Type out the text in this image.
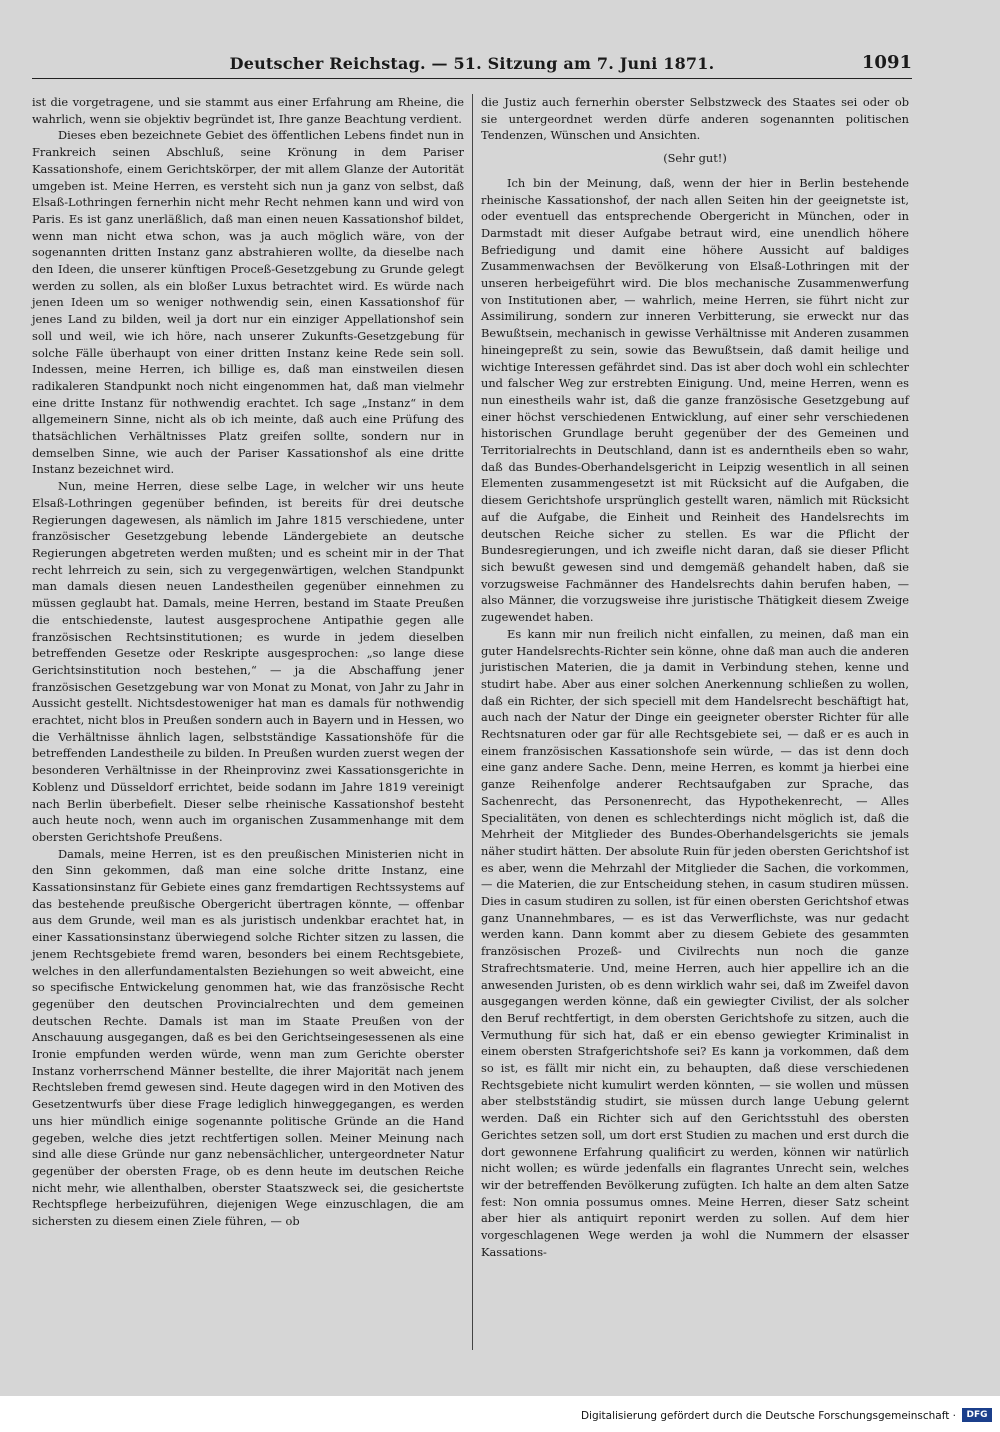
Deutscher Reichstag. — 51. Sitzung am 7. Juni 1871.	1091

ist die vorgetragene, und sie stammt aus einer Erfahrung am Rheine, die wahrlich, wenn sie objektiv begründet ist, Ihre ganze Beachtung verdient.

Dieses eben bezeichnete Gebiet des öffentlichen Lebens findet nun in Frankreich seinen Abschluß, seine Krönung in dem Pariser Kassationshofe, einem Gerichtskörper, der mit allem Glanze der Autorität umgeben ist. Meine Herren, es versteht sich nun ja ganz von selbst, daß Elsaß-Lothringen fernerhin nicht mehr Recht nehmen kann und wird von Paris. Es ist ganz unerläßlich, daß man einen neuen Kassationshof bildet, wenn man nicht etwa schon, was ja auch möglich wäre, von der sogenannten dritten Instanz ganz abstrahieren wollte, da dieselbe nach den Ideen, die unserer künftigen Proceß-Gesetzgebung zu Grunde gelegt werden zu sollen, als ein bloßer Luxus betrachtet wird. Es würde nach jenen Ideen um so weniger nothwendig sein, einen Kassationshof für jenes Land zu bilden, weil ja dort nur ein einziger Appellationshof sein soll und weil, wie ich höre, nach unserer Zukunfts-Gesetzgebung für solche Fälle überhaupt von einer dritten Instanz keine Rede sein soll. Indessen, meine Herren, ich billige es, daß man einstweilen diesen radikaleren Standpunkt noch nicht eingenommen hat, daß man vielmehr eine dritte Instanz für nothwendig erachtet. Ich sage „Instanz“ in dem allgemeinern Sinne, nicht als ob ich meinte, daß auch eine Prüfung des thatsächlichen Verhältnisses Platz greifen sollte, sondern nur in demselben Sinne, wie auch der Pariser Kassationshof als eine dritte Instanz bezeichnet wird.

Nun, meine Herren, diese selbe Lage, in welcher wir uns heute Elsaß-Lothringen gegenüber befinden, ist bereits für drei deutsche Regierungen dagewesen, als nämlich im Jahre 1815 verschiedene, unter französischer Gesetzgebung lebende Ländergebiete an deutsche Regierungen abgetreten werden mußten; und es scheint mir in der That recht lehrreich zu sein, sich zu vergegenwärtigen, welchen Standpunkt man damals diesen neuen Landestheilen gegenüber einnehmen zu müssen geglaubt hat. Damals, meine Herren, bestand im Staate Preußen die entschiedenste, lautest ausgesprochene Antipathie gegen alle französischen Rechtsinstitutionen; es wurde in jedem dieselben betreffenden Gesetze oder Reskripte ausgesprochen: „so lange diese Gerichtsinstitution noch bestehen,“ — ja die Abschaffung jener französischen Gesetzgebung war von Monat zu Monat, von Jahr zu Jahr in Aussicht gestellt. Nichtsdestoweniger hat man es damals für nothwendig erachtet, nicht blos in Preußen sondern auch in Bayern und in Hessen, wo die Verhältnisse ähnlich lagen, selbstständige Kassationshöfe für die betreffenden Landestheile zu bilden. In Preußen wurden zuerst wegen der besonderen Verhältnisse in der Rheinprovinz zwei Kassationsgerichte in Koblenz und Düsseldorf errichtet, beide sodann im Jahre 1819 vereinigt nach Berlin überbefielt. Dieser selbe rheinische Kassationshof besteht auch heute noch, wenn auch im organischen Zusammenhange mit dem obersten Gerichtshofe Preußens.

Damals, meine Herren, ist es den preußischen Ministerien nicht in den Sinn gekommen, daß man eine solche dritte Instanz, eine Kassationsinstanz für Gebiete eines ganz fremdartigen Rechtssystems auf das bestehende preußische Obergericht übertragen könnte, — offenbar aus dem Grunde, weil man es als juristisch undenkbar erachtet hat, in einer Kassationsinstanz überwiegend solche Richter sitzen zu lassen, die jenem Rechtsgebiete fremd waren, besonders bei einem Rechtsgebiete, welches in den allerfundamentalsten Beziehungen so weit abweicht, eine so specifische Entwickelung genommen hat, wie das französische Recht gegenüber den deutschen Provincialrechten und dem gemeinen deutschen Rechte. Damals ist man im Staate Preußen von der Anschauung ausgegangen, daß es bei den Gerichtseingesessenen als eine Ironie empfunden werden würde, wenn man zum Gerichte oberster Instanz vorherrschend Männer bestellte, die ihrer Majorität nach jenem Rechtsleben fremd gewesen sind. Heute dagegen wird in den Motiven des Gesetzentwurfs über diese Frage lediglich hinweggegangen, es werden uns hier mündlich einige sogenannte politische Gründe an die Hand gegeben, welche dies jetzt rechtfertigen sollen. Meiner Meinung nach sind alle diese Gründe nur ganz nebensächlicher, untergeordneter Natur gegenüber der obersten Frage, ob es denn heute im deutschen Reiche nicht mehr, wie allenthalben, oberster Staatszweck sei, die gesichertste Rechtspflege herbeizuführen, diejenigen Wege einzuschlagen, die am sichersten zu diesem einen Ziele führen, — ob

die Justiz auch fernerhin oberster Selbstzweck des Staates sei oder ob sie untergeordnet werden dürfe anderen sogenannten politischen Tendenzen, Wünschen und Ansichten.

(Sehr gut!)

Ich bin der Meinung, daß, wenn der hier in Berlin bestehende rheinische Kassationshof, der nach allen Seiten hin der geeignetste ist, oder eventuell das entsprechende Obergericht in München, oder in Darmstadt mit dieser Aufgabe betraut wird, eine unendlich höhere Befriedigung und damit eine höhere Aussicht auf baldiges Zusammenwachsen der Bevölkerung von Elsaß-Lothringen mit der unseren herbeigeführt wird. Die blos mechanische Zusammenwerfung von Institutionen aber, — wahrlich, meine Herren, sie führt nicht zur Assimilirung, sondern zur inneren Verbitterung, sie erweckt nur das Bewußtsein, mechanisch in gewisse Verhältnisse mit Anderen zusammen hineingepreßt zu sein, sowie das Bewußtsein, daß damit heilige und wichtige Interessen gefährdet sind. Das ist aber doch wohl ein schlechter und falscher Weg zur erstrebten Einigung. Und, meine Herren, wenn es nun einestheils wahr ist, daß die ganze französische Gesetzgebung auf einer höchst verschiedenen Entwicklung, auf einer sehr verschiedenen historischen Grundlage beruht gegenüber der des Gemeinen und Territorialrechts in Deutschland, dann ist es anderntheils eben so wahr, daß das Bundes-Oberhandelsgericht in Leipzig wesentlich in all seinen Elementen zusammengesetzt ist mit Rücksicht auf die Aufgaben, die diesem Gerichtshofe ursprünglich gestellt waren, nämlich mit Rücksicht auf die Aufgabe, die Einheit und Reinheit des Handelsrechts im deutschen Reiche sicher zu stellen. Es war die Pflicht der Bundesregierungen, und ich zweifle nicht daran, daß sie dieser Pflicht sich bewußt gewesen sind und demgemäß gehandelt haben, daß sie vorzugsweise Fachmänner des Handelsrechts dahin berufen haben, — also Männer, die vorzugsweise ihre juristische Thätigkeit diesem Zweige zugewendet haben.

Es kann mir nun freilich nicht einfallen, zu meinen, daß man ein guter Handelsrechts-Richter sein könne, ohne daß man auch die anderen juristischen Materien, die ja damit in Verbindung stehen, kenne und studirt habe. Aber aus einer solchen Anerkennung schließen zu wollen, daß ein Richter, der sich speciell mit dem Handelsrecht beschäftigt hat, auch nach der Natur der Dinge ein geeigneter oberster Richter für alle Rechtsnaturen oder gar für alle Rechtsgebiete sei, — daß er es auch in einem französischen Kassationshofe sein würde, — das ist denn doch eine ganz andere Sache. Denn, meine Herren, es kommt ja hierbei eine ganze Reihenfolge anderer Rechtsaufgaben zur Sprache, das Sachenrecht, das Personenrecht, das Hypothekenrecht, — Alles Specialitäten, von denen es schlechterdings nicht möglich ist, daß die Mehrheit der Mitglieder des Bundes-Oberhandelsgerichts sie jemals näher studirt hätten. Der absolute Ruin für jeden obersten Gerichtshof ist es aber, wenn die Mehrzahl der Mitglieder die Sachen, die vorkommen, — die Materien, die zur Entscheidung stehen, in casum studiren müssen. Dies in casum studiren zu sollen, ist für einen obersten Gerichtshof etwas ganz Unannehmbares, — es ist das Verwerflichste, was nur gedacht werden kann. Dann kommt aber zu diesem Gebiete des gesammten französischen Prozeß- und Civilrechts nun noch die ganze Strafrechtsmaterie. Und, meine Herren, auch hier appellire ich an die anwesenden Juristen, ob es denn wirklich wahr sei, daß im Zweifel davon ausgegangen werden könne, daß ein gewiegter Civilist, der als solcher den Beruf rechtfertigt, in dem obersten Gerichtshofe zu sitzen, auch die Vermuthung für sich hat, daß er ein ebenso gewiegter Kriminalist in einem obersten Strafgerichtshofe sei? Es kann ja vorkommen, daß dem so ist, es fällt mir nicht ein, zu behaupten, daß diese verschiedenen Rechtsgebiete nicht kumulirt werden könnten, — sie wollen und müssen aber stelbstständig studirt, sie müssen durch lange Uebung gelernt werden. Daß ein Richter sich auf den Gerichtsstuhl des obersten Gerichtes setzen soll, um dort erst Studien zu machen und erst durch die dort gewonnene Erfahrung qualificirt zu werden, können wir natürlich nicht wollen; es würde jedenfalls ein flagrantes Unrecht sein, welches wir der betreffenden Bevölkerung zufügten. Ich halte an dem alten Satze fest: Non omnia possumus omnes. Meine Herren, dieser Satz scheint aber hier als antiquirt reponirt werden zu sollen. Auf dem hier vorgeschlagenen Wege werden ja wohl die Nummern der elsasser Kassations-

Digitalisierung gefördert durch die Deutsche Forschungsgemeinschaft ·	DFG
